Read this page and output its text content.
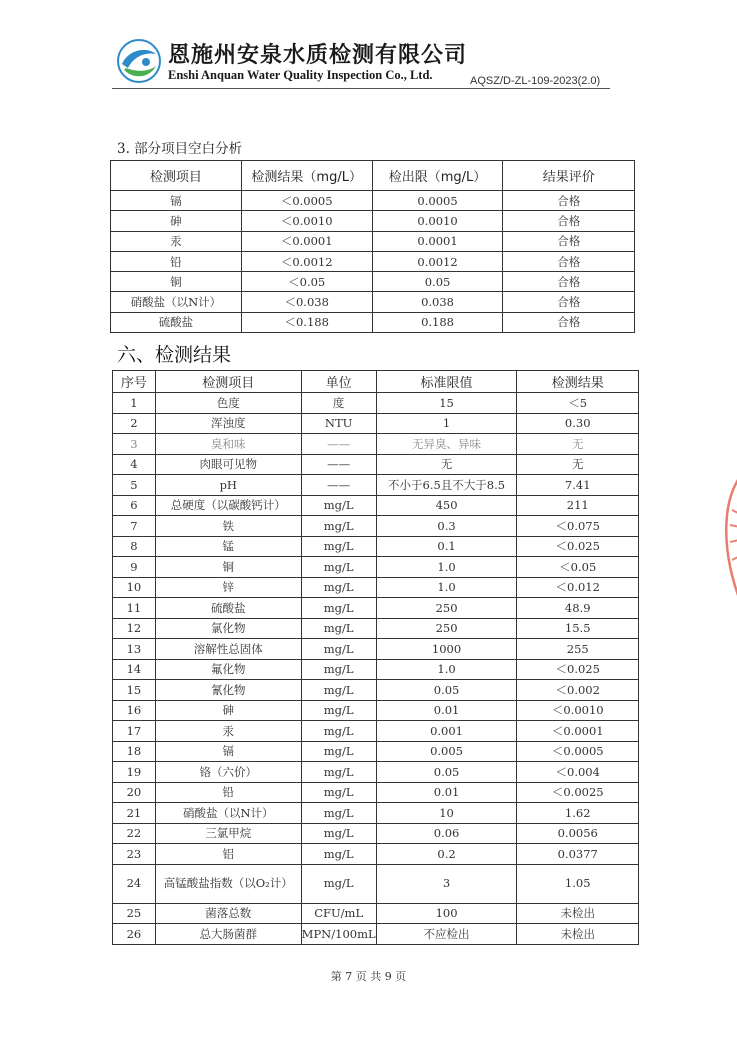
恩施州安泉水质检测有限公司
Enshi Anquan Water Quality Inspection Co., Ltd.	AQSZ/D-ZL-109-2023(2.0)
3. 部分项目空白分析
检测项目	检测结果（mg/L）	检出限（mg/L）	结果评价
镉	＜0.0005	0.0005	合格
砷	＜0.0010	0.0010	合格
汞	＜0.0001	0.0001	合格
铅	＜0.0012	0.0012	合格
铜	＜0.05	0.05	合格
硝酸盐（以N计）	＜0.038	0.038	合格
硫酸盐	＜0.188	0.188	合格
六、检测结果
序号	检测项目	单位	标准限值	检测结果
1	色度	度	15	＜5
2	浑浊度	NTU	1	0.30
3	臭和味	——	无异臭、异味	无
4	肉眼可见物	——	无	无
5	pH	——	不小于6.5且不大于8.5	7.41
6	总硬度（以碳酸钙计）	mg/L	450	211
7	铁	mg/L	0.3	＜0.075
8	锰	mg/L	0.1	＜0.025
9	铜	mg/L	1.0	＜0.05
10	锌	mg/L	1.0	＜0.012
11	硫酸盐	mg/L	250	48.9
12	氯化物	mg/L	250	15.5
13	溶解性总固体	mg/L	1000	255
14	氟化物	mg/L	1.0	＜0.025
15	氰化物	mg/L	0.05	＜0.002
16	砷	mg/L	0.01	＜0.0010
17	汞	mg/L	0.001	＜0.0001
18	镉	mg/L	0.005	＜0.0005
19	铬（六价）	mg/L	0.05	＜0.004
20	铅	mg/L	0.01	＜0.0025
21	硝酸盐（以N计）	mg/L	10	1.62
22	三氯甲烷	mg/L	0.06	0.0056
23	铝	mg/L	0.2	0.0377
24	高锰酸盐指数（以O₂计）	mg/L	3	1.05
25	菌落总数	CFU/mL	100	未检出
26	总大肠菌群	MPN/100mL	不应检出	未检出
第 7 页 共 9 页
